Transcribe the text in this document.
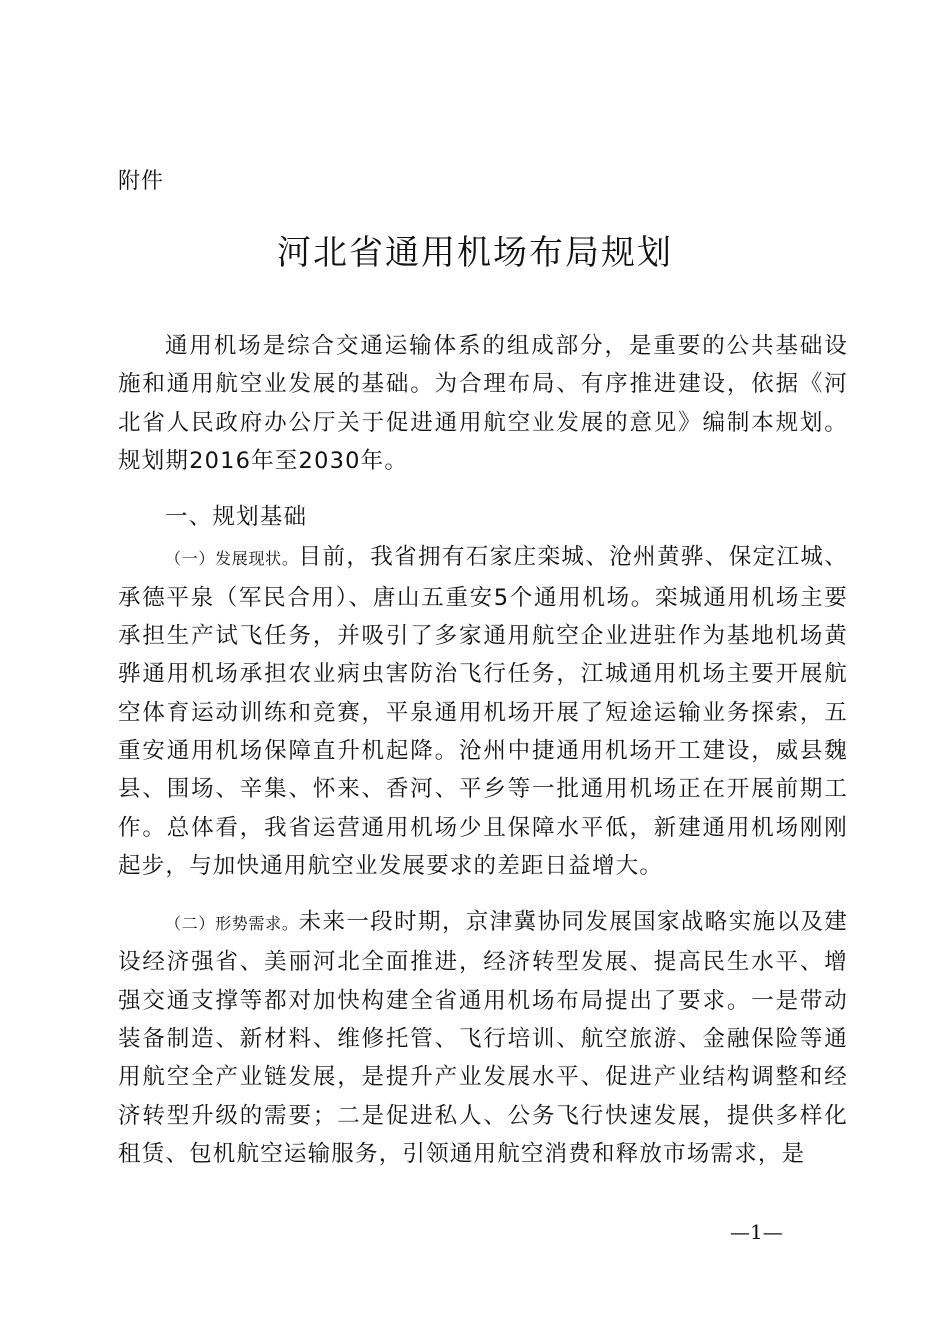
附件
河北省通用机场布局规划

通用机场是综合交通运输体系的组成部分，是重要的公共基础设施和通用航空业发展的基础。为合理布局、有序推进建设，依据《河北省人民政府办公厅关于促进通用航空业发展的意见》编制本规划。规划期2016年至2030年。

一、规划基础

（一）发展现状。目前，我省拥有石家庄栾城、沧州黄骅、保定江城、承德平泉（军民合用）、唐山五重安5个通用机场。栾城通用机场主要承担生产试飞任务，并吸引了多家通用航空企业进驻作为基地机场黄骅通用机场承担农业病虫害防治飞行任务，江城通用机场主要开展航空体育运动训练和竞赛，平泉通用机场开展了短途运输业务探索，五重安通用机场保障直升机起降。沧州中捷通用机场开工建设，威县魏县、围场、辛集、怀来、香河、平乡等一批通用机场正在开展前期工作。总体看，我省运营通用机场少且保障水平低，新建通用机场刚刚起步，与加快通用航空业发展要求的差距日益增大。

（二）形势需求。未来一段时期，京津冀协同发展国家战略实施以及建设经济强省、美丽河北全面推进，经济转型发展、提高民生水平、增强交通支撑等都对加快构建全省通用机场布局提出了要求。一是带动装备制造、新材料、维修托管、飞行培训、航空旅游、金融保险等通用航空全产业链发展，是提升产业发展水平、促进产业结构调整和经济转型升级的需要；二是促进私人、公务飞行快速发展，提供多样化租赁、包机航空运输服务，引领通用航空消费和释放市场需求，是

—1—
